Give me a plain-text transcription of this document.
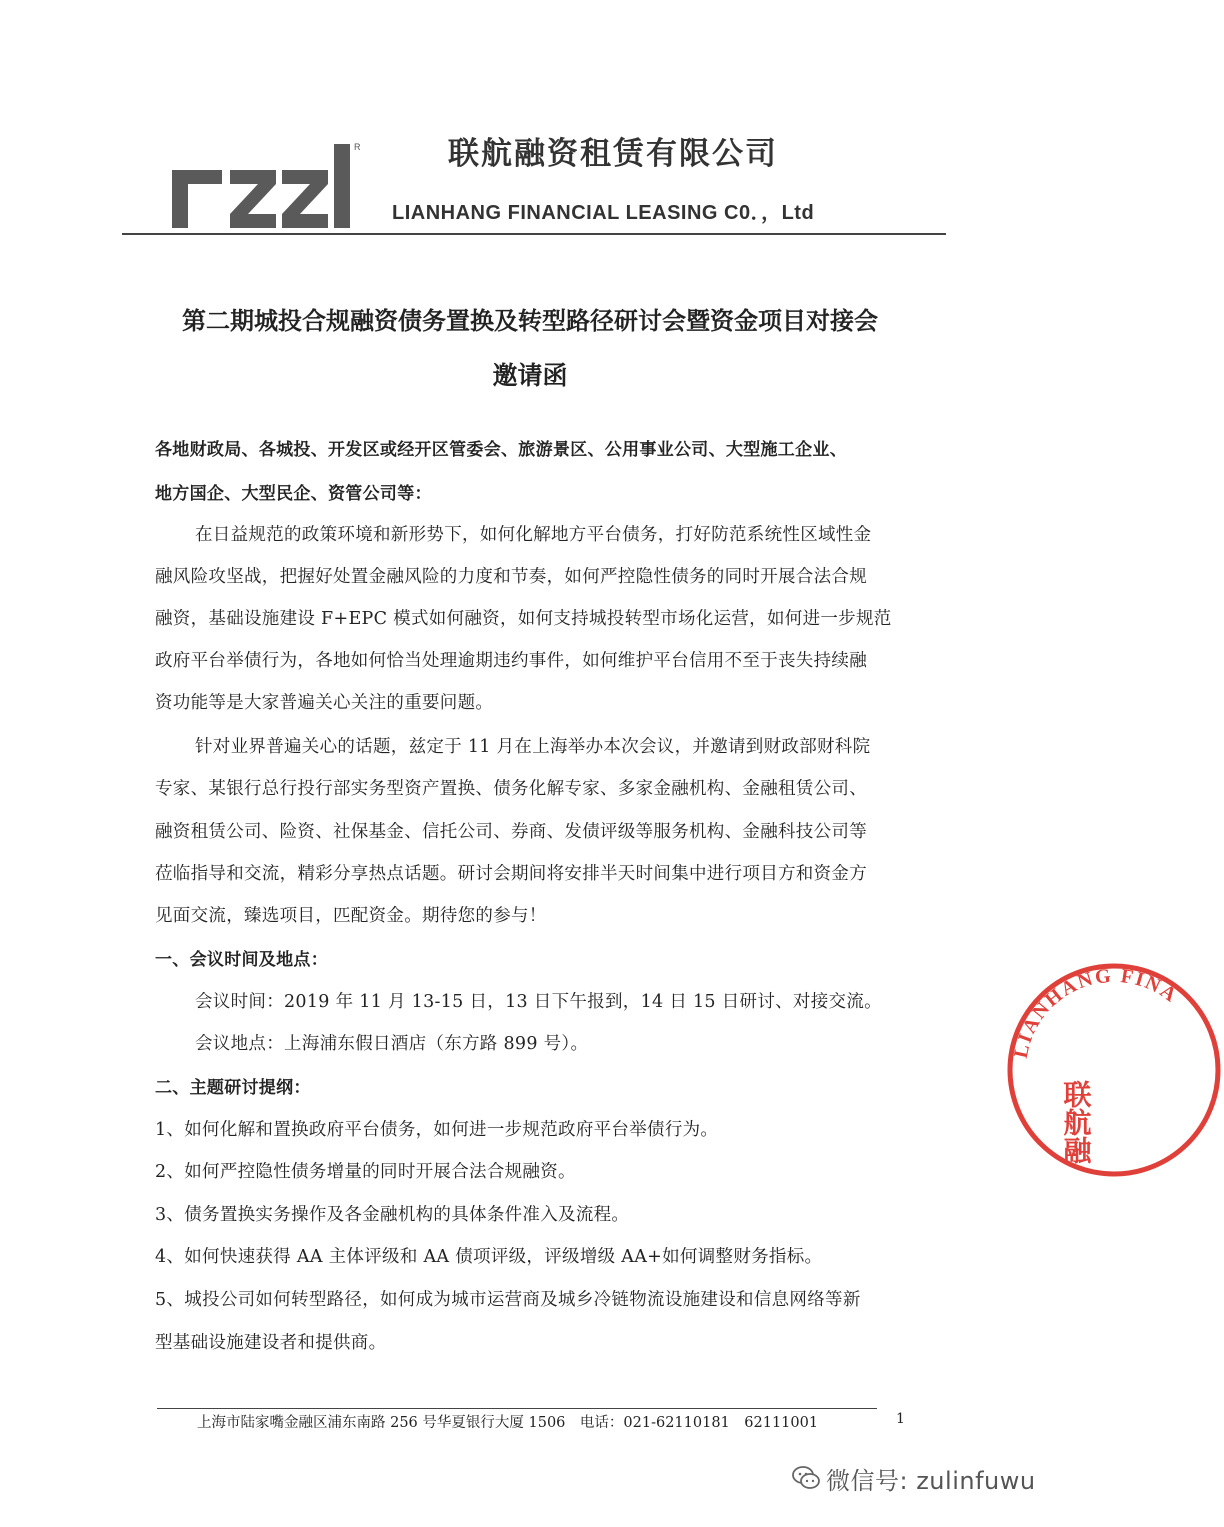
R	联航融资租赁有限公司
LIANHANG FINANCIAL LEASING C0．，Ltd
第二期城投合规融资债务置换及转型路径研讨会暨资金项目对接会
邀请函
各地财政局、各城投、开发区或经开区管委会、旅游景区、公用事业公司、大型施工企业、
地方国企、大型民企、资管公司等：
在日益规范的政策环境和新形势下，如何化解地方平台债务，打好防范系统性区域性金
融风险攻坚战，把握好处置金融风险的力度和节奏，如何严控隐性债务的同时开展合法合规
融资，基础设施建设 F+EPC 模式如何融资，如何支持城投转型市场化运营，如何进一步规范
政府平台举债行为，各地如何恰当处理逾期违约事件，如何维护平台信用不至于丧失持续融
资功能等是大家普遍关心关注的重要问题。
针对业界普遍关心的话题，兹定于 11 月在上海举办本次会议，并邀请到财政部财科院
专家、某银行总行投行部实务型资产置换、债务化解专家、多家金融机构、金融租赁公司、
融资租赁公司、险资、社保基金、信托公司、券商、发债评级等服务机构、金融科技公司等
莅临指导和交流，精彩分享热点话题。研讨会期间将安排半天时间集中进行项目方和资金方
见面交流，臻选项目，匹配资金。期待您的参与！
一、会议时间及地点：
会议时间：2019 年 11 月 13-15 日，13 日下午报到，14 日 15 日研讨、对接交流。
会议地点：上海浦东假日酒店（东方路 899 号）。
二、主题研讨提纲：
1、如何化解和置换政府平台债务，如何进一步规范政府平台举债行为。
2、如何严控隐性债务增量的同时开展合法合规融资。
3、债务置换实务操作及各金融机构的具体条件准入及流程。
4、如何快速获得 AA 主体评级和 AA 债项评级，评级增级 AA+如何调整财务指标。
5、城投公司如何转型路径，如何成为城市运营商及城乡冷链物流设施建设和信息网络等新
型基础设施建设者和提供商。
上海市陆家嘴金融区浦东南路 256 号华夏银行大厦 1506　电话：021-62110181　62111001	1
LIANHANG FINA
联航融
微信号: zulinfuwu
